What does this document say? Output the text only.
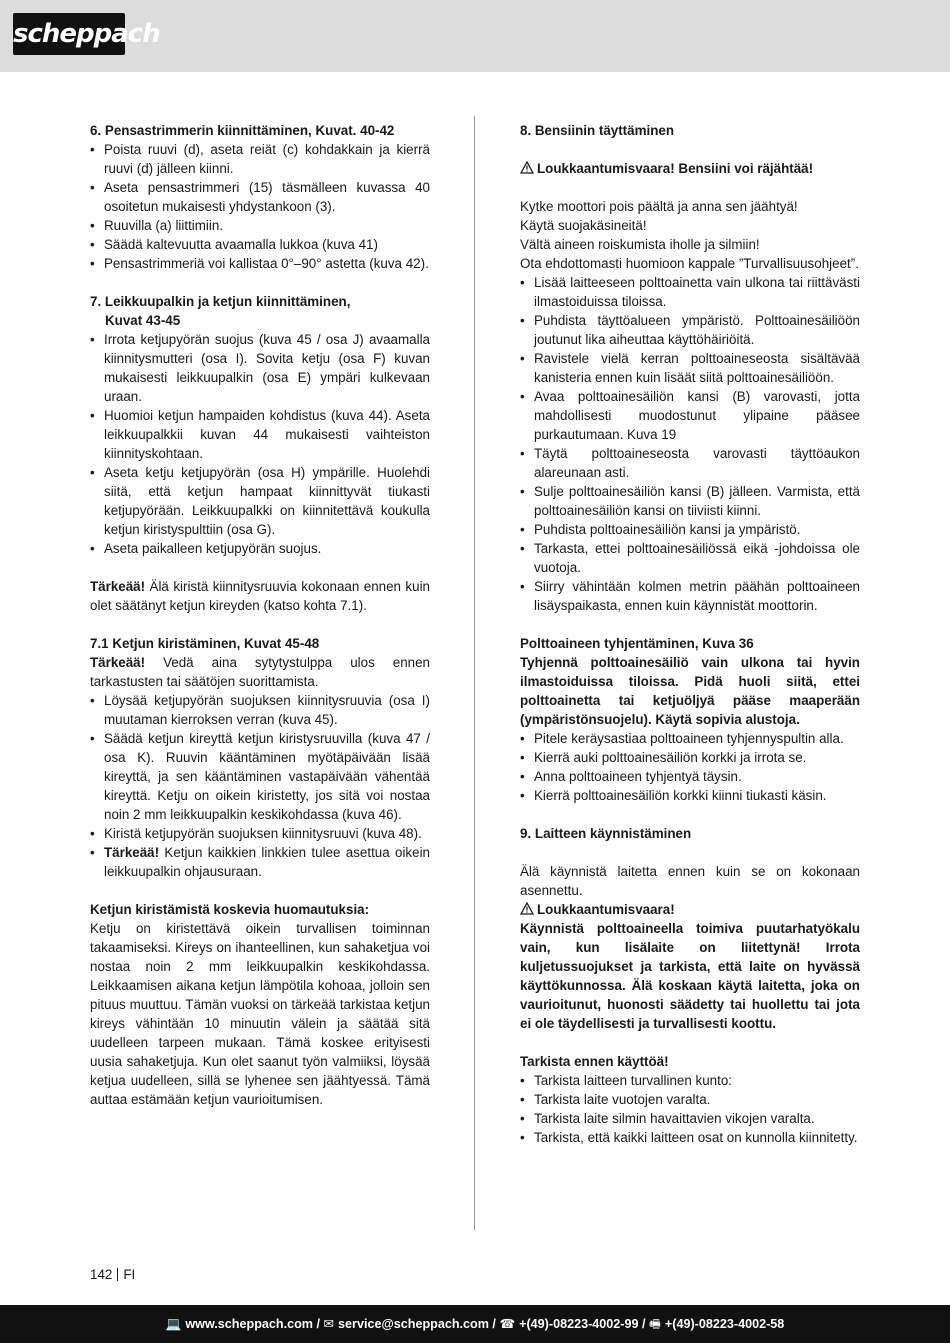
scheppach
6. Pensastrimmerin kiinnittäminen, Kuvat. 40-42
• Poista ruuvi (d), aseta reiät (c) kohdakkain ja kierrä ruuvi (d) jälleen kiinni.
• Aseta pensastrimmeri (15) täsmälleen kuvassa 40 osoitetun mukaisesti yhdystankoon (3).
• Ruuvilla (a) liittimiin.
• Säädä kaltevuutta avaamalla lukkoa (kuva 41)
• Pensastrimmeriä voi kallistaa 0°–90° astetta (kuva 42).
7. Leikkuupalkin ja ketjun kiinnittäminen,
Kuvat 43-45
• Irrota ketjupyörän suojus (kuva 45 / osa J) avaamalla kiinnitysmutteri (osa I). Sovita ketju (osa F) kuvan mukaisesti leikkuupalkin (osa E) ympäri kulkevaan uraan.
• Huomioi ketjun hampaiden kohdistus (kuva 44). Aseta leikkuupalkkii kuvan 44 mukaisesti vaihteiston kiinnityskohtaan.
• Aseta ketju ketjupyörän (osa H) ympärille. Huolehdi siitä, että ketjun hampaat kiinnittyvät tiukasti ketjupyörään. Leikkuupalkki on kiinnitettävä koukulla ketjun kiristyspulttiin (osa G).
• Aseta paikalleen ketjupyörän suojus.

Tärkeää! Älä kiristä kiinnitysruuvia kokonaan ennen kuin olet säätänyt ketjun kireyden (katso kohta 7.1).

7.1 Ketjun kiristäminen, Kuvat 45-48

Tärkeää! Vedä aina sytytystulppa ulos ennen tarkastusten tai säätöjen suorittamista.

• Löysää ketjupyörän suojuksen kiinnitysruuvia (osa I) muutaman kierroksen verran (kuva 45).
• Säädä ketjun kireyttä ketjun kiristysruuvilla (kuva 47 / osa K). Ruuvin kääntäminen myötäpäivään lisää kireyttä, ja sen kääntäminen vastapäivään vähentää kireyttä. Ketju on oikein kiristetty, jos sitä voi nostaa noin 2 mm leikkuupalkin keskikohdassa (kuva 46).
• Kiristä ketjupyörän suojuksen kiinnitysruuvi (kuva 48).
• Tärkeää! Ketjun kaikkien linkkien tulee asettua oikein leikkuupalkin ohjausuraan.
Ketjun kiristämistä koskevia huomautuksia:

Ketju on kiristettävä oikein turvallisen toiminnan takaamiseksi. Kireys on ihanteellinen, kun sahaketjua voi nostaa noin 2 mm leikkuupalkin keskikohdassa. Leikkaamisen aikana ketjun lämpötila kohoaa, jolloin sen pituus muuttuu. Tämän vuoksi on tärkeää tarkistaa ketjun kireys vähintään 10 minuutin välein ja säätää sitä uudelleen tarpeen mukaan. Tämä koskee erityisesti uusia sahaketjuja. Kun olet saanut työn valmiiksi, löysää ketjua uudelleen, sillä se lyhenee sen jäähtyessä. Tämä auttaa estämään ketjun vaurioitumisen.

8. Bensiinin täyttäminen
Loukkaantumisvaara! Bensiini voi räjähtää!

Kytke moottori pois päältä ja anna sen jäähtyä!

Käytä suojakäsineitä!

Vältä aineen roiskumista iholle ja silmiin!

Ota ehdottomasti huomioon kappale ”Turvallisuusohjeet”.

• Lisää laitteeseen polttoainetta vain ulkona tai riittävästi ilmastoiduissa tiloissa.
• Puhdista täyttöalueen ympäristö. Polttoainesäiliöön joutunut lika aiheuttaa käyttöhäiriöitä.
• Ravistele vielä kerran polttoaineseosta sisältävää kanisteria ennen kuin lisäät siitä polttoainesäiliöön.
• Avaa polttoainesäiliön kansi (B) varovasti, jotta mahdollisesti muodostunut ylipaine pääsee purkautumaan. Kuva 19
• Täytä polttoaineseosta varovasti täyttöaukon alareunaan asti.
• Sulje polttoainesäiliön kansi (B) jälleen. Varmista, että polttoainesäiliön kansi on tiiviisti kiinni.
• Puhdista polttoainesäiliön kansi ja ympäristö.
• Tarkasta, ettei polttoainesäiliössä eikä -johdoissa ole vuotoja.
• Siirry vähintään kolmen metrin päähän polttoaineen lisäyspaikasta, ennen kuin käynnistät moottorin.
Polttoaineen tyhjentäminen, Kuva 36

Tyhjennä polttoainesäiliö vain ulkona tai hyvin ilmastoiduissa tiloissa. Pidä huoli siitä, ettei polttoainetta tai ketjuöljyä pääse maaperään (ympäristönsuojelu). Käytä sopivia alustoja.

• Pitele keräysastiaa polttoaineen tyhjennyspultin alla.
• Kierrä auki polttoainesäiliön korkki ja irrota se.
• Anna polttoaineen tyhjentyä täysin.
• Kierrä polttoainesäiliön korkki kiinni tiukasti käsin.
9. Laitteen käynnistäminen

Älä käynnistä laitetta ennen kuin se on kokonaan asennettu.

Loukkaantumisvaara!

Käynnistä polttoaineella toimiva puutarhatyökalu vain, kun lisälaite on liitettynä! Irrota kuljetussuojukset ja tarkista, että laite on hyvässä käyttökunnossa. Älä koskaan käytä laitetta, joka on vaurioitunut, huonosti säädetty tai huollettu tai jota ei ole täydellisesti ja turvallisesti koottu.

Tarkista ennen käyttöä!
• Tarkista laitteen turvallinen kunto:
• Tarkista laite vuotojen varalta.
• Tarkista laite silmin havaittavien vikojen varalta.
• Tarkista, että kaikki laitteen osat on kunnolla kiinnitetty.
142 FI
💻 www.scheppach.com / ✉ service@scheppach.com / ☎ +(49)-08223-4002-99 / 🖷 +(49)-08223-4002-58
